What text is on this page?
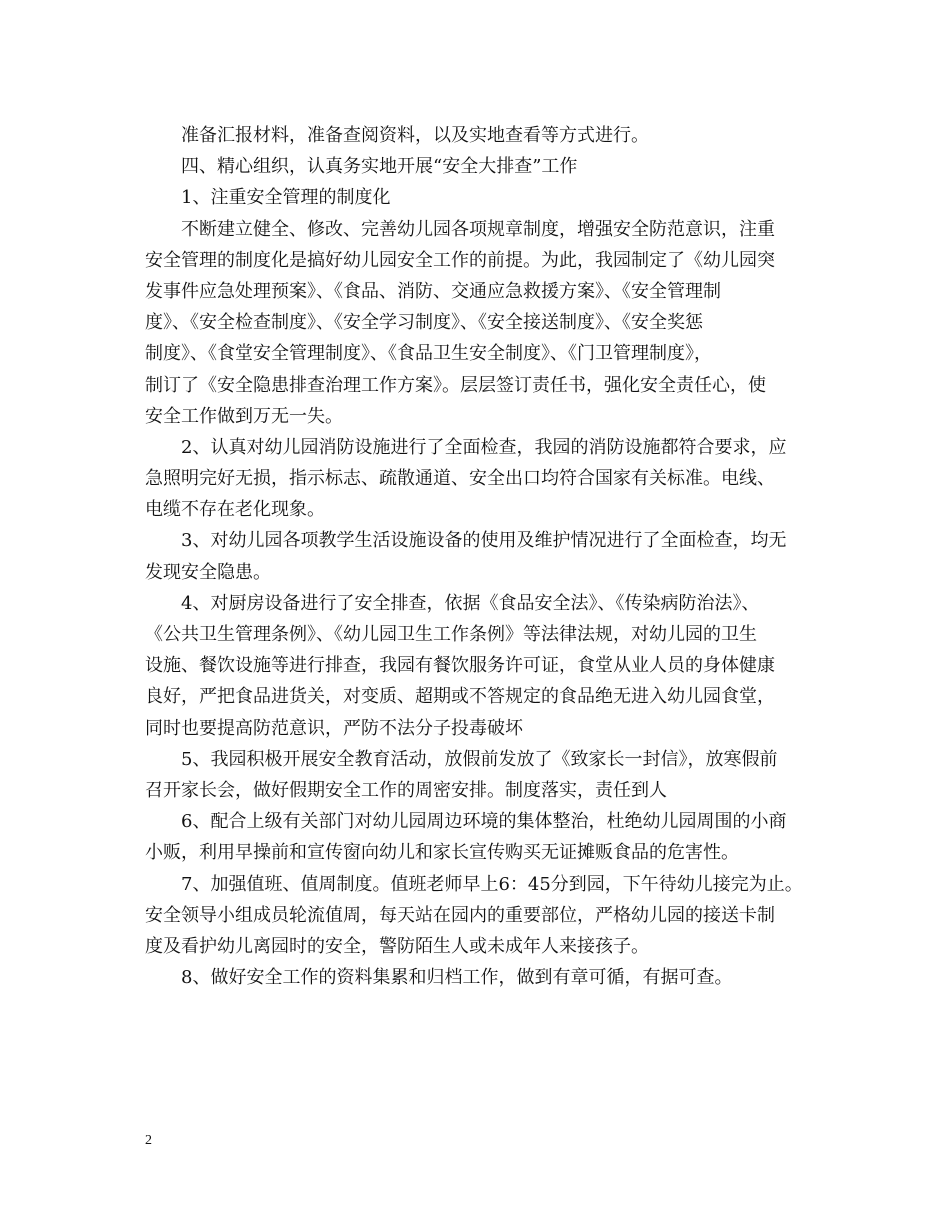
准备汇报材料，准备查阅资料，以及实地查看等方式进行。
四、精心组织，认真务实地开展“安全大排查”工作
1、注重安全管理的制度化
不断建立健全、修改、完善幼儿园各项规章制度，增强安全防范意识，注重
安全管理的制度化是搞好幼儿园安全工作的前提。为此，我园制定了《幼儿园突
发事件应急处理预案》、《食品、消防、交通应急救援方案》、《安全管理制
度》、《安全检查制度》、《安全学习制度》、《安全接送制度》、《安全奖惩
制度》、《食堂安全管理制度》、《食品卫生安全制度》、《门卫管理制度》，
制订了《安全隐患排查治理工作方案》。层层签订责任书，强化安全责任心，使
安全工作做到万无一失。
2、认真对幼儿园消防设施进行了全面检查，我园的消防设施都符合要求，应
急照明完好无损，指示标志、疏散通道、安全出口均符合国家有关标准。电线、
电缆不存在老化现象。
3、对幼儿园各项教学生活设施设备的使用及维护情况进行了全面检查，均无
发现安全隐患。
4、对厨房设备进行了安全排查，依据《食品安全法》、《传染病防治法》、
《公共卫生管理条例》、《幼儿园卫生工作条例》等法律法规，对幼儿园的卫生
设施、餐饮设施等进行排查，我园有餐饮服务许可证，食堂从业人员的身体健康
良好，严把食品进货关，对变质、超期或不答规定的食品绝无进入幼儿园食堂，
同时也要提高防范意识，严防不法分子投毒破坏
5、我园积极开展安全教育活动，放假前发放了《致家长一封信》，放寒假前
召开家长会，做好假期安全工作的周密安排。制度落实，责任到人
6、配合上级有关部门对幼儿园周边环境的集体整治，杜绝幼儿园周围的小商
小贩，利用早操前和宣传窗向幼儿和家长宣传购买无证摊贩食品的危害性。
7、加强值班、值周制度。值班老师早上6：45分到园，下午待幼儿接完为止。
安全领导小组成员轮流值周，每天站在园内的重要部位，严格幼儿园的接送卡制
度及看护幼儿离园时的安全，警防陌生人或未成年人来接孩子。
8、做好安全工作的资料集累和归档工作，做到有章可循，有据可查。
2
